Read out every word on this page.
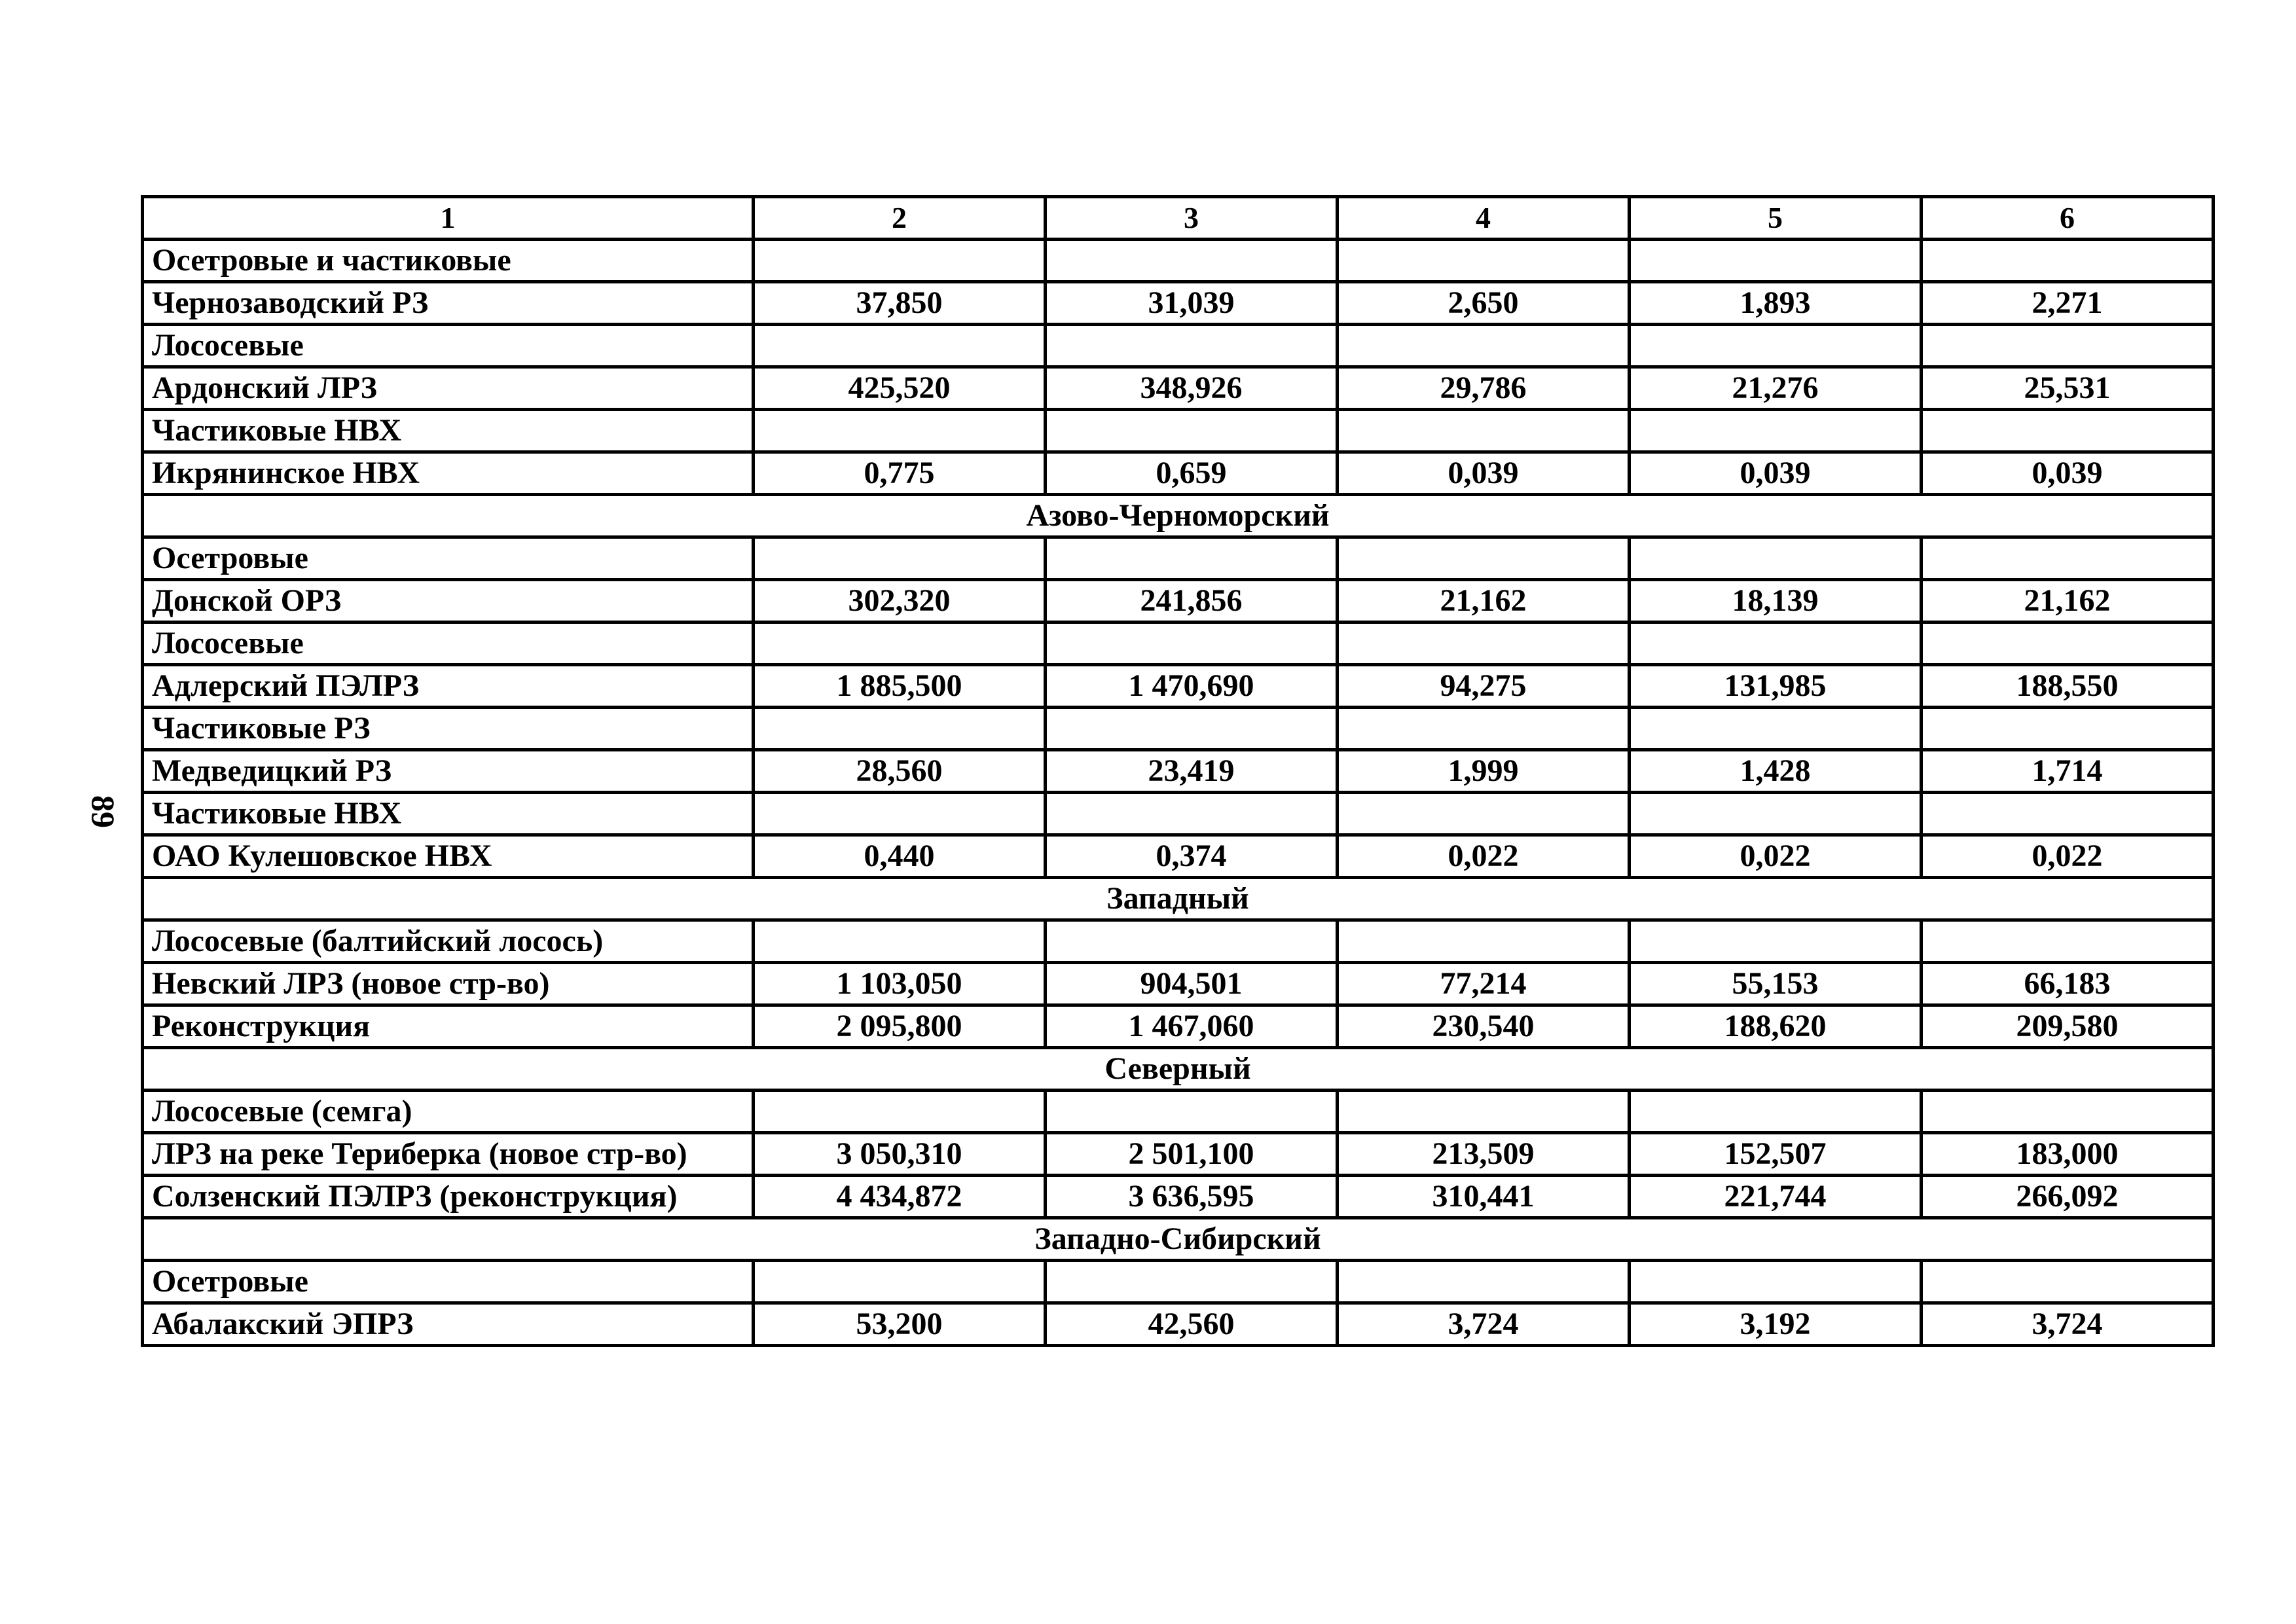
89
1	2	3	4	5	6
Осетровые и частиковые					
Чернозаводский РЗ	37,850	31,039	2,650	1,893	2,271
Лососевые					
Ардонский ЛРЗ	425,520	348,926	29,786	21,276	25,531
Частиковые НВХ					
Икрянинское НВХ	0,775	0,659	0,039	0,039	0,039
Азово-Черноморский					
Осетровые					
Донской ОРЗ	302,320	241,856	21,162	18,139	21,162
Лососевые					
Адлерский ПЭЛРЗ	1 885,500	1 470,690	94,275	131,985	188,550
Частиковые РЗ					
Медведицкий РЗ	28,560	23,419	1,999	1,428	1,714
Частиковые НВХ					
ОАО Кулешовское НВХ	0,440	0,374	0,022	0,022	0,022
Западный					
Лососевые (балтийский лосось)					
Невский ЛРЗ (новое стр-во)	1 103,050	904,501	77,214	55,153	66,183
Реконструкция	2 095,800	1 467,060	230,540	188,620	209,580
Северный					
Лососевые (семга)					
ЛРЗ на реке Териберка (новое стр-во)	3 050,310	2 501,100	213,509	152,507	183,000
Солзенский ПЭЛРЗ (реконструкция)	4 434,872	3 636,595	310,441	221,744	266,092
Западно-Сибирский					
Осетровые					
Абалакский ЭПРЗ	53,200	42,560	3,724	3,192	3,724
